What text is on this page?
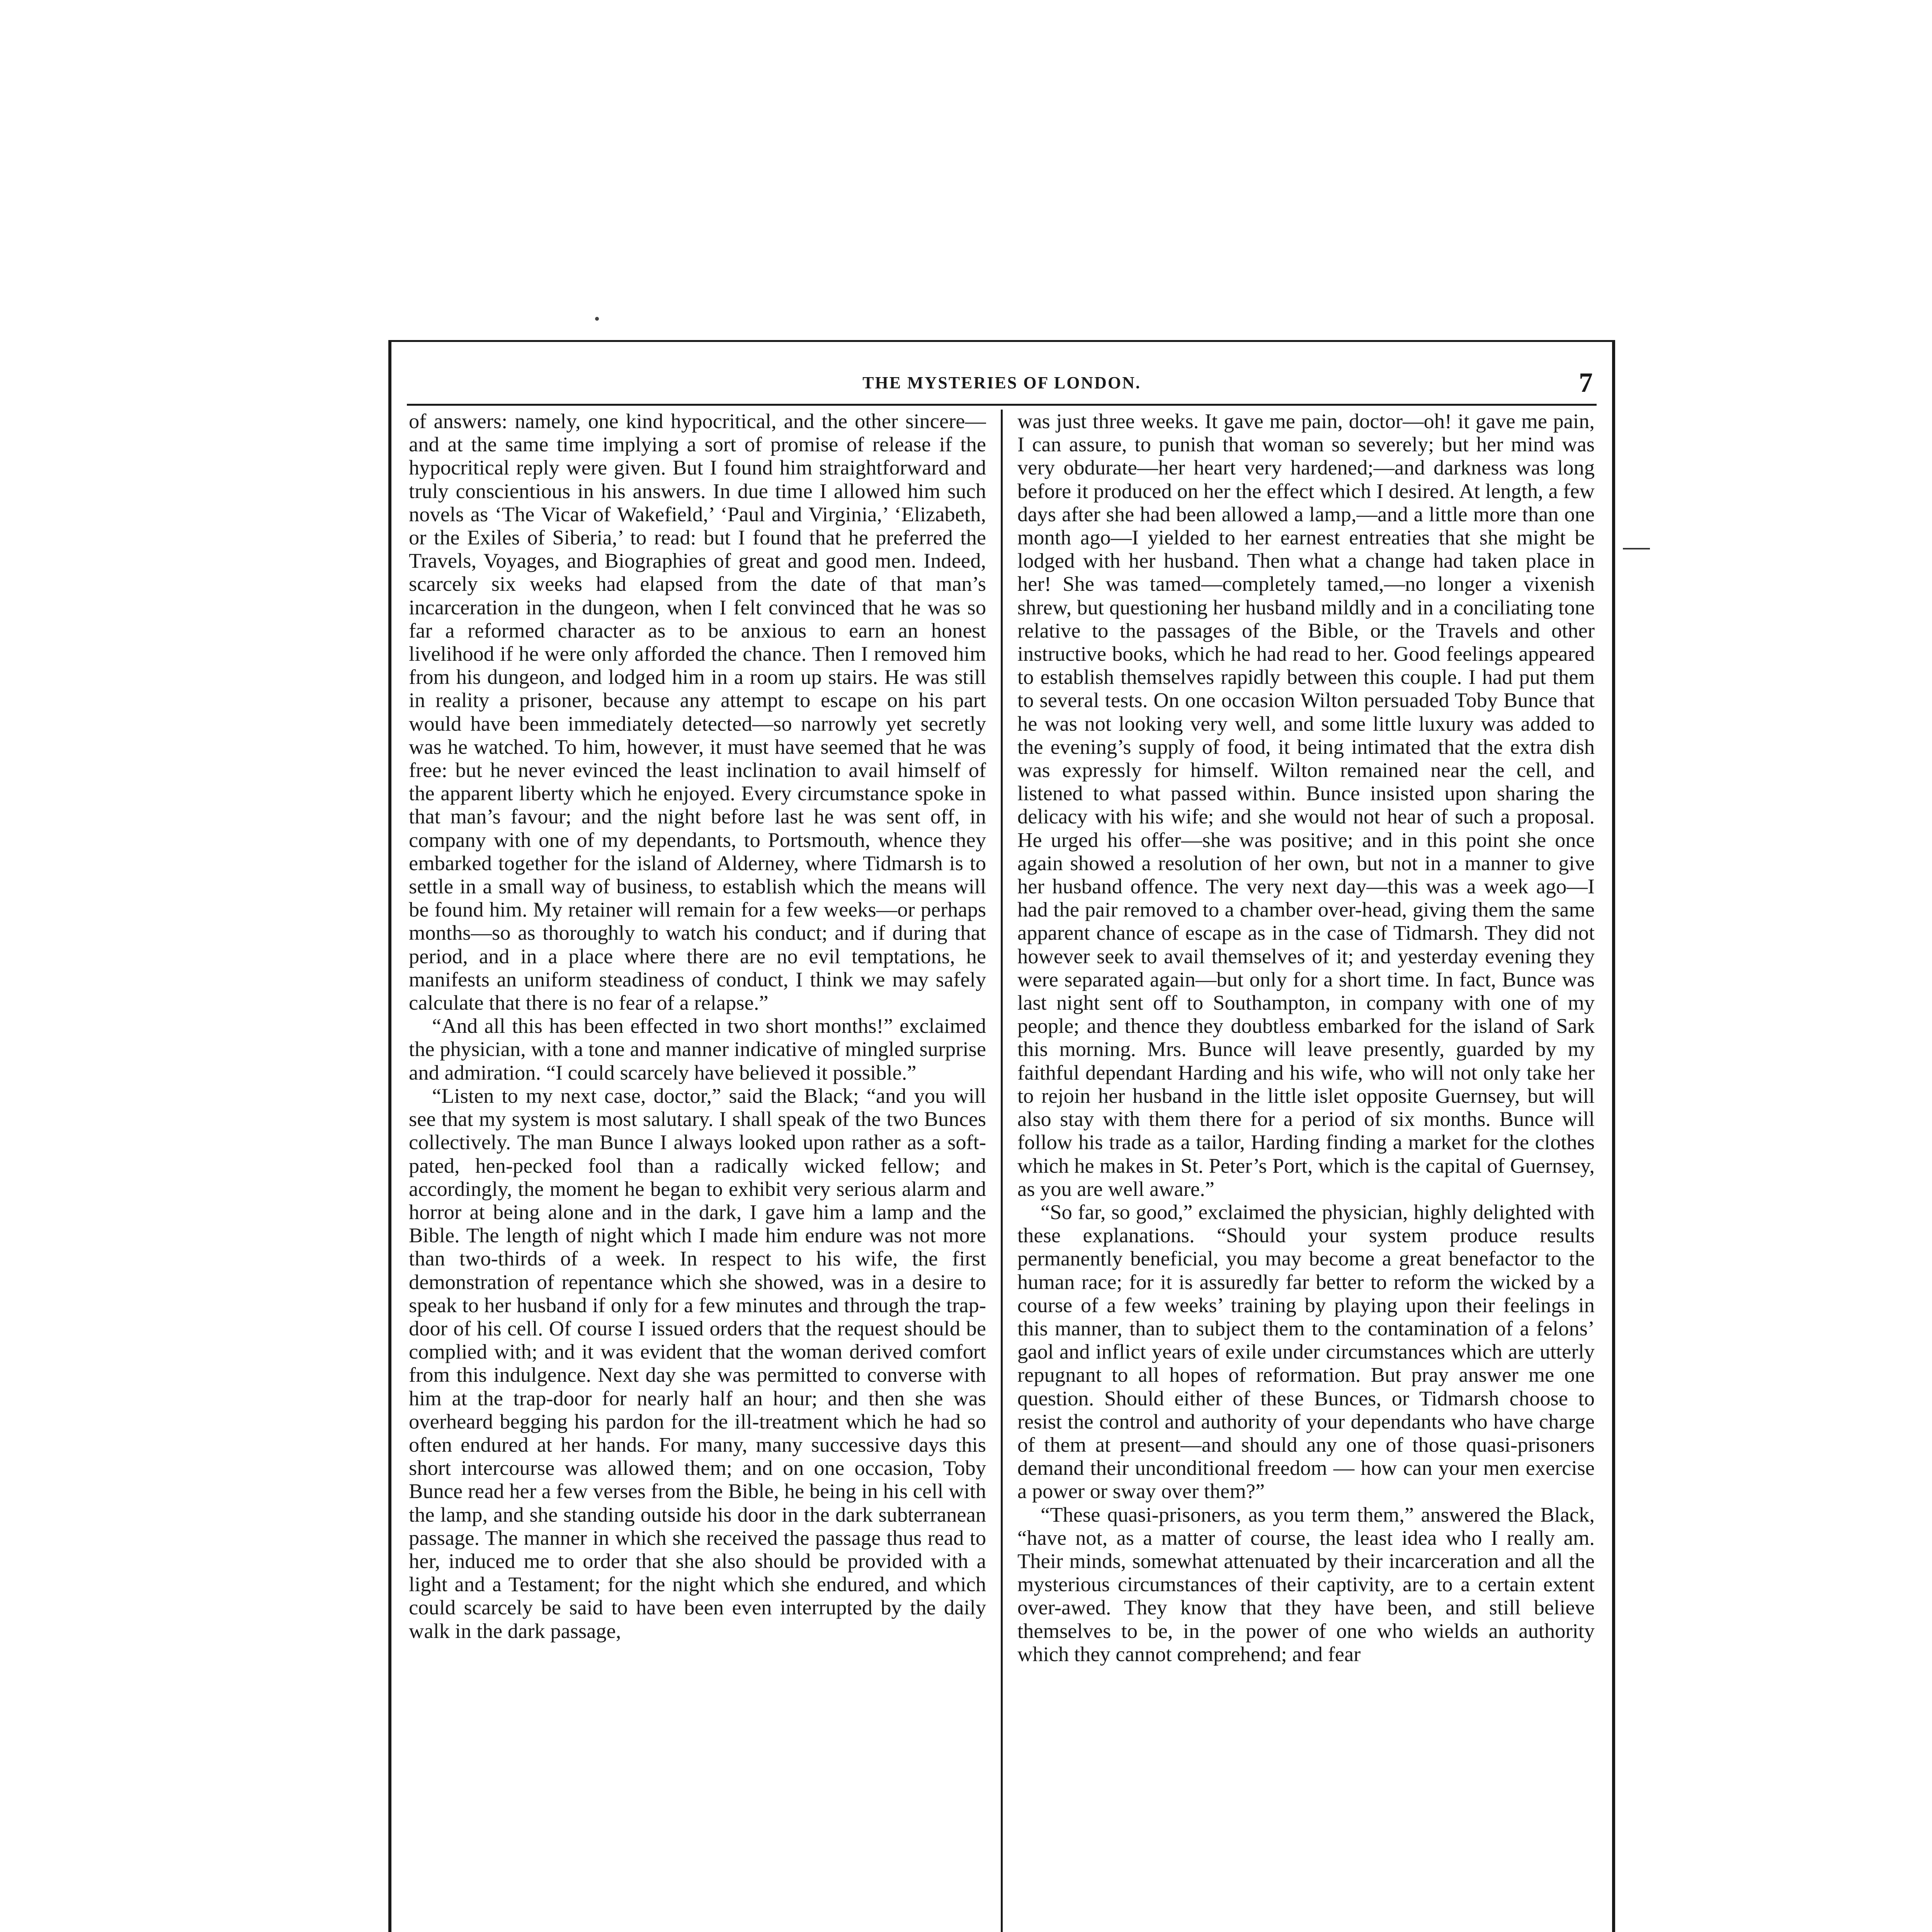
THE MYSTERIES OF LONDON.	7

of answers: namely, one kind hypocritical, and the other sincere—and at the same time implying a sort of promise of release if the hypocritical reply were given. But I found him straightforward and truly conscientious in his answers. In due time I allowed him such novels as ‘The Vicar of Wakefield,’ ‘Paul and Virginia,’ ‘Elizabeth, or the Exiles of Siberia,’ to read: but I found that he preferred the Travels, Voyages, and Biographies of great and good men. Indeed, scarcely six weeks had elapsed from the date of that man’s incarceration in the dungeon, when I felt convinced that he was so far a reformed character as to be anxious to earn an honest livelihood if he were only afforded the chance. Then I removed him from his dungeon, and lodged him in a room up stairs. He was still in reality a prisoner, because any attempt to escape on his part would have been immediately detected—so narrowly yet secretly was he watched. To him, however, it must have seemed that he was free: but he never evinced the least inclination to avail himself of the apparent liberty which he enjoyed. Every circumstance spoke in that man’s favour; and the night before last he was sent off, in company with one of my dependants, to Portsmouth, whence they embarked together for the island of Alderney, where Tidmarsh is to settle in a small way of business, to establish which the means will be found him. My retainer will remain for a few weeks—or perhaps months—so as thoroughly to watch his conduct; and if during that period, and in a place where there are no evil temptations, he manifests an uniform steadiness of conduct, I think we may safely calculate that there is no fear of a relapse.”

“And all this has been effected in two short months!” exclaimed the physician, with a tone and manner indicative of mingled surprise and admiration. “I could scarcely have believed it possible.”

“Listen to my next case, doctor,” said the Black; “and you will see that my system is most salutary. I shall speak of the two Bunces collectively. The man Bunce I always looked upon rather as a soft-pated, hen-pecked fool than a radically wicked fellow; and accordingly, the moment he began to exhibit very serious alarm and horror at being alone and in the dark, I gave him a lamp and the Bible. The length of night which I made him endure was not more than two-thirds of a week. In respect to his wife, the first demonstration of repentance which she showed, was in a desire to speak to her husband if only for a few minutes and through the trap-door of his cell. Of course I issued orders that the request should be complied with; and it was evident that the woman derived comfort from this indulgence. Next day she was permitted to converse with him at the trap-door for nearly half an hour; and then she was overheard begging his pardon for the ill-treatment which he had so often endured at her hands. For many, many successive days this short intercourse was allowed them; and on one occasion, Toby Bunce read her a few verses from the Bible, he being in his cell with the lamp, and she standing outside his door in the dark subterranean passage. The manner in which she received the passage thus read to her, induced me to order that she also should be provided with a light and a Testament; for the night which she endured, and which could scarcely be said to have been even interrupted by the daily walk in the dark passage,

was just three weeks. It gave me pain, doctor—oh! it gave me pain, I can assure, to punish that woman so severely; but her mind was very obdurate—her heart very hardened;—and darkness was long before it produced on her the effect which I desired. At length, a few days after she had been allowed a lamp,—and a little more than one month ago—I yielded to her earnest entreaties that she might be lodged with her husband. Then what a change had taken place in her! She was tamed—completely tamed,—no longer a vixenish shrew, but questioning her husband mildly and in a conciliating tone relative to the passages of the Bible, or the Travels and other instructive books, which he had read to her. Good feelings appeared to establish themselves rapidly between this couple. I had put them to several tests. On one occasion Wilton persuaded Toby Bunce that he was not looking very well, and some little luxury was added to the evening’s supply of food, it being intimated that the extra dish was expressly for himself. Wilton remained near the cell, and listened to what passed within. Bunce insisted upon sharing the delicacy with his wife; and she would not hear of such a proposal. He urged his offer—she was positive; and in this point she once again showed a resolution of her own, but not in a manner to give her husband offence. The very next day—this was a week ago—I had the pair removed to a chamber over-head, giving them the same apparent chance of escape as in the case of Tidmarsh. They did not however seek to avail themselves of it; and yesterday evening they were separated again—but only for a short time. In fact, Bunce was last night sent off to Southampton, in company with one of my people; and thence they doubtless embarked for the island of Sark this morning. Mrs. Bunce will leave presently, guarded by my faithful dependant Harding and his wife, who will not only take her to rejoin her husband in the little islet opposite Guernsey, but will also stay with them there for a period of six months. Bunce will follow his trade as a tailor, Harding finding a market for the clothes which he makes in St. Peter’s Port, which is the capital of Guernsey, as you are well aware.”

“So far, so good,” exclaimed the physician, highly delighted with these explanations. “Should your system produce results permanently beneficial, you may become a great benefactor to the human race; for it is assuredly far better to reform the wicked by a course of a few weeks’ training by playing upon their feelings in this manner, than to subject them to the contamination of a felons’ gaol and inflict years of exile under circumstances which are utterly repugnant to all hopes of reformation. But pray answer me one question. Should either of these Bunces, or Tidmarsh choose to resist the control and authority of your dependants who have charge of them at present—and should any one of those quasi-prisoners demand their unconditional freedom — how can your men exercise a power or sway over them?”

“These quasi-prisoners, as you term them,” answered the Black, “have not, as a matter of course, the least idea who I really am. Their minds, somewhat attenuated by their incarceration and all the mysterious circumstances of their captivity, are to a certain extent over-awed. They know that they have been, and still believe themselves to be, in the power of one who wields an authority which they cannot comprehend; and fear
